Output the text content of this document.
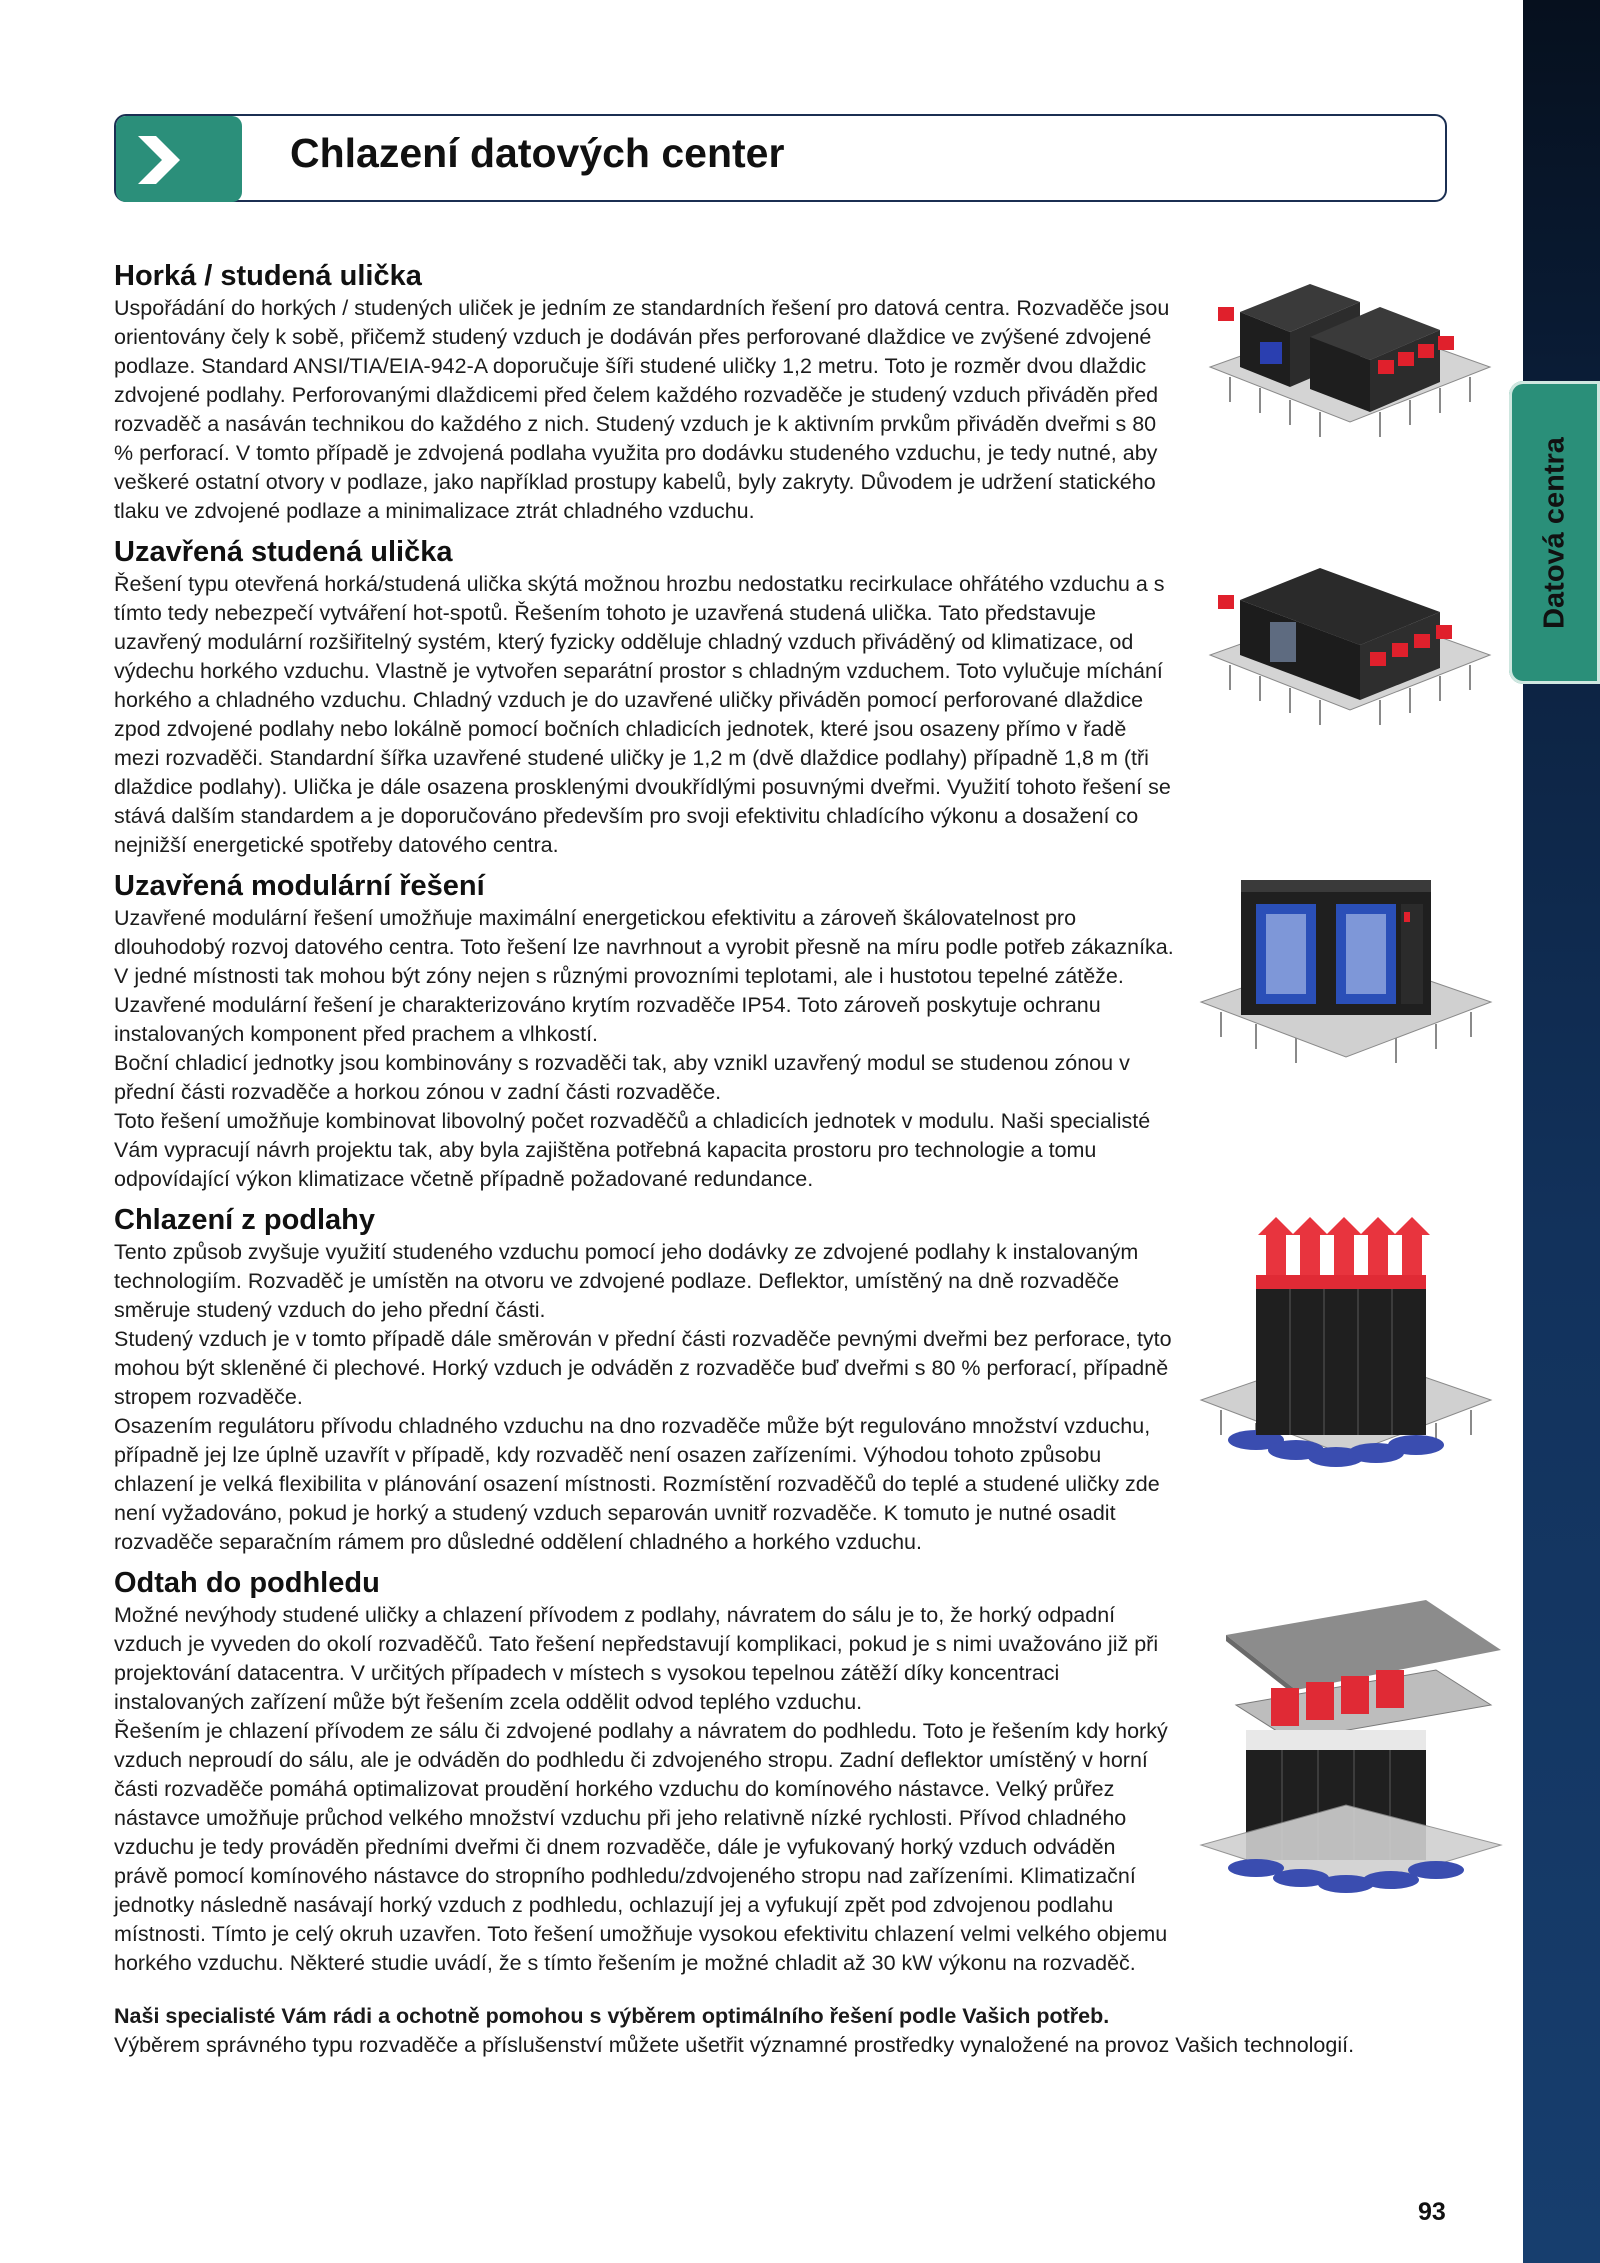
Datová centra
Chlazení datových center
Horká / studená ulička

Uspořádání do horkých / studených uliček je jedním ze standardních řešení pro datová centra. Rozvaděče jsou orientovány čely k sobě, přičemž studený vzduch je dodáván přes perforované dlaždice ve zvýšené zdvojené podlaze. Standard ANSI/TIA/EIA-942-A doporučuje šíři studené uličky 1,2 metru. Toto je rozměr dvou dlaždic zdvojené podlahy. Perforovanými dlaždicemi před čelem každého rozvaděče je studený vzduch přiváděn před rozvaděč a nasáván technikou do každého z nich. Studený vzduch je k aktivním prvkům přiváděn dveřmi s 80 % perforací. V tomto případě je zdvojená podlaha využita pro dodávku studeného vzduchu, je tedy nutné, aby veškeré ostatní otvory v podlaze, jako například prostupy kabelů, byly zakryty. Důvodem je udržení statického tlaku ve zdvojené podlaze a minimalizace ztrát chladného vzduchu.

Uzavřená studená ulička

Řešení typu otevřená horká/studená ulička skýtá možnou hrozbu nedostatku recirkulace ohřátého vzduchu a s tímto tedy nebezpečí vytváření hot-spotů. Řešením tohoto je uzavřená studená ulička. Tato představuje uzavřený modulární rozšiřitelný systém, který fyzicky odděluje chladný vzduch přiváděný od klimatizace, od výdechu horkého vzduchu. Vlastně je vytvořen separátní prostor s chladným vzduchem. Toto vylučuje míchání horkého a chladného vzduchu. Chladný vzduch je do uzavřené uličky přiváděn pomocí perforované dlaždice zpod zdvojené podlahy nebo lokálně pomocí bočních chladicích jednotek, které jsou osazeny přímo v řadě mezi rozvaděči. Standardní šířka uzavřené studené uličky je 1,2 m (dvě dlaždice podlahy) případně 1,8 m (tři dlaždice podlahy). Ulička je dále osazena prosklenými dvoukřídlými posuvnými dveřmi. Využití tohoto řešení se stává dalším standardem a je doporučováno především pro svoji efektivitu chladícího výkonu a dosažení co nejnižší energetické spotřeby datového centra.

Uzavřená modulární řešení

Uzavřené modulární řešení umožňuje maximální energetickou efektivitu a zároveň škálovatelnost pro dlouhodobý rozvoj datového centra. Toto řešení lze navrhnout a vyrobit přesně na míru podle potřeb zákazníka. V jedné místnosti tak mohou být zóny nejen s různými provozními teplotami, ale i hustotou tepelné zátěže. Uzavřené modulární řešení je charakterizováno krytím rozvaděče IP54. Toto zároveň poskytuje ochranu instalovaných komponent před prachem a vlhkostí.

Boční chladicí jednotky jsou kombinovány s rozvaděči tak, aby vznikl uzavřený modul se studenou zónou v přední části rozvaděče a horkou zónou v zadní části rozvaděče.

Toto řešení umožňuje kombinovat libovolný počet rozvaděčů a chladicích jednotek v modulu. Naši specialisté Vám vypracují návrh projektu tak, aby byla zajištěna potřebná kapacita prostoru pro technologie a tomu odpovídající výkon klimatizace včetně případně požadované redundance.

Chlazení z podlahy

Tento způsob zvyšuje využití studeného vzduchu pomocí jeho dodávky ze zdvojené podlahy k instalovaným technologiím. Rozvaděč je umístěn na otvoru ve zdvojené podlaze. Deflektor, umístěný na dně rozvaděče směruje studený vzduch do jeho přední části.

Studený vzduch je v tomto případě dále směrován v přední části rozvaděče pevnými dveřmi bez perforace, tyto mohou být skleněné či plechové. Horký vzduch je odváděn z rozvaděče buď dveřmi s 80 % perforací, případně stropem rozvaděče.

Osazením regulátoru přívodu chladného vzduchu na dno rozvaděče může být regulováno množství vzduchu, případně jej lze úplně uzavřít v případě, kdy rozvaděč není osazen zařízeními. Výhodou tohoto způsobu chlazení je velká flexibilita v plánování osazení místnosti. Rozmístění rozvaděčů do teplé a studené uličky zde není vyžadováno, pokud je horký a studený vzduch separován uvnitř rozvaděče. K tomuto je nutné osadit rozvaděče separačním rámem pro důsledné oddělení chladného a horkého vzduchu.

Odtah do podhledu

Možné nevýhody studené uličky a chlazení přívodem z podlahy, návratem do sálu je to, že horký odpadní vzduch je vyveden do okolí rozvaděčů. Tato řešení nepředstavují komplikaci, pokud je s nimi uvažováno již při projektování datacentra. V určitých případech v místech s vysokou tepelnou zátěží díky koncentraci instalovaných zařízení může být řešením zcela oddělit odvod teplého vzduchu.

Řešením je chlazení přívodem ze sálu či zdvojené podlahy a návratem do podhledu. Toto je řešením kdy horký vzduch neproudí do sálu, ale je odváděn do podhledu či zdvojeného stropu. Zadní deflektor umístěný v horní části rozvaděče pomáhá optimalizovat proudění horkého vzduchu do komínového nástavce. Velký průřez nástavce umožňuje průchod velkého množství vzduchu při jeho relativně nízké rychlosti. Přívod chladného vzduchu je tedy prováděn předními dveřmi či dnem rozvaděče, dále je vyfukovaný horký vzduch odváděn právě pomocí komínového nástavce do stropního podhledu/zdvojeného stropu nad zařízeními. Klimatizační jednotky následně nasávají horký vzduch z podhledu, ochlazují jej a vyfukují zpět pod zdvojenou podlahu místnosti. Tímto je celý okruh uzavřen. Toto řešení umožňuje vysokou efektivitu chlazení velmi velkého objemu horkého vzduchu. Některé studie uvádí, že s tímto řešením je možné chladit až 30 kW výkonu na rozvaděč.

Naši specialisté Vám rádi a ochotně pomohou s výběrem optimálního řešení podle Vašich potřeb.

Výběrem správného typu rozvaděče a příslušenství můžete ušetřit významné prostředky vynaložené na provoz Vašich technologií.

93
